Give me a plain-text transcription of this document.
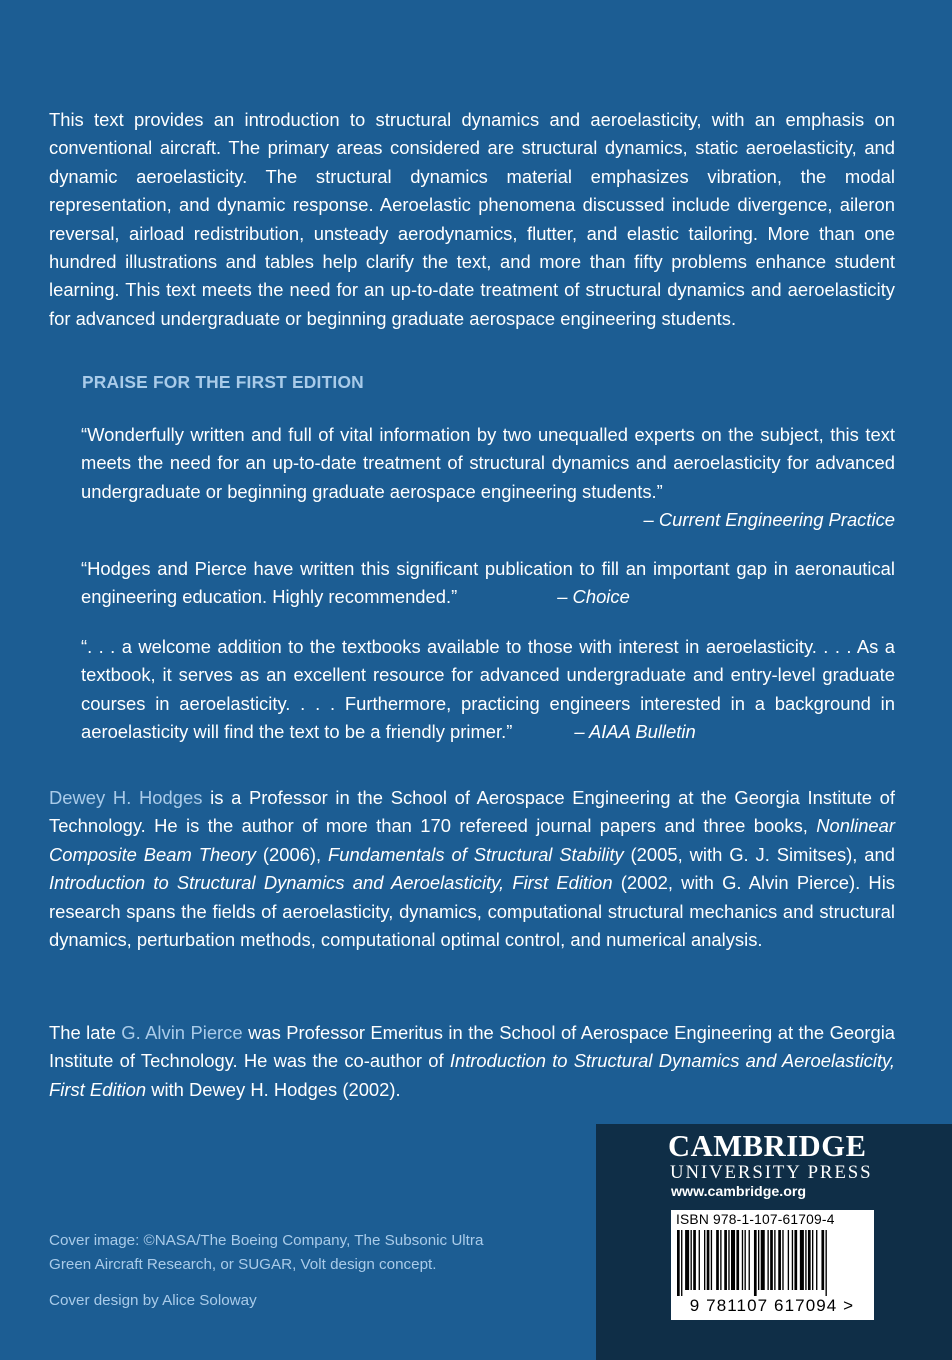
This text provides an introduction to structural dynamics and aeroelasticity, with an emphasis on conventional aircraft. The primary areas considered are structural dynamics, static aeroelasticity, and dynamic aeroelasticity. The structural dynamics material emphasizes vibration, the modal representation, and dynamic response. Aeroelastic phenomena discussed include divergence, aileron reversal, airload redistribution, unsteady aerodynamics, flutter, and elastic tailoring. More than one hundred illustrations and tables help clarify the text, and more than fifty problems enhance student learning. This text meets the need for an up-to-date treatment of structural dynamics and aeroelasticity for advanced undergraduate or beginning graduate aerospace engineering students.

PRAISE FOR THE FIRST EDITION

“Wonderfully written and full of vital information by two unequalled experts on the subject, this text meets the need for an up-to-date treatment of structural dynamics and aeroelasticity for advanced undergraduate or beginning graduate aerospace engineering students.”
– Current Engineering Practice

“Hodges and Pierce have written this significant publication to fill an important gap in aeronautical engineering education. Highly recommended.”	– Choice

“. . . a welcome addition to the textbooks available to those with interest in aeroelasticity. . . . As a textbook, it serves as an excellent resource for advanced undergraduate and entry-level graduate courses in aeroelasticity. . . . Furthermore, practicing engineers interested in a background in aeroelasticity will find the text to be a friendly primer.”	– AIAA Bulletin

Dewey H. Hodges is a Professor in the School of Aerospace Engineering at the Georgia Institute of Technology. He is the author of more than 170 refereed journal papers and three books, Nonlinear Composite Beam Theory (2006), Fundamentals of Structural Stability (2005, with G. J. Simitses), and Introduction to Structural Dynamics and Aeroelasticity, First Edition (2002, with G. Alvin Pierce). His research spans the fields of aeroelasticity, dynamics, computational structural mechanics and structural dynamics, perturbation methods, computational optimal control, and numerical analysis.

The late G. Alvin Pierce was Professor Emeritus in the School of Aerospace Engineering at the Georgia Institute of Technology. He was the co-author of Introduction to Structural Dynamics and Aeroelasticity, First Edition with Dewey H. Hodges (2002).

Cover image: ©NASA/The Boeing Company, The Subsonic Ultra Green Aircraft Research, or SUGAR, Volt design concept.
Cover design by Alice Soloway
CAMBRIDGE
UNIVERSITY PRESS
www.cambridge.org
ISBN 978-1-107-61709-4
9 781107 617094 >
